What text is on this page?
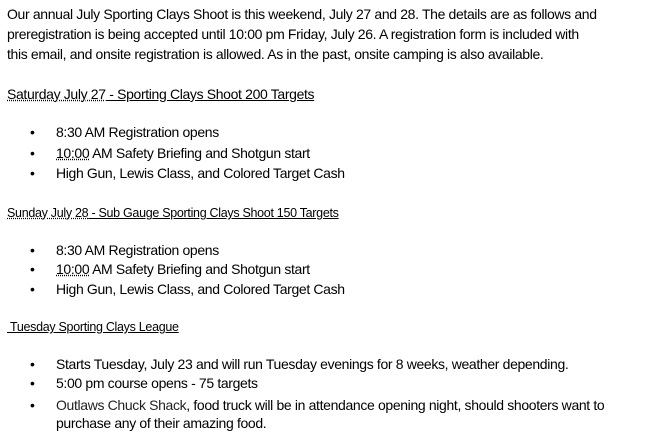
Our annual July Sporting Clays Shoot is this weekend, July 27 and 28. The details are as follows and
preregistration is being accepted until 10:00 pm Friday, July 26. A registration form is included with
this email, and onsite registration is allowed. As in the past, onsite camping is also available.
Saturday July 27 - Sporting Clays Shoot 200 Targets
• 8:30 AM Registration opens
• 10:00 AM Safety Briefing and Shotgun start
• High Gun, Lewis Class, and Colored Target Cash
Sunday July 28 - Sub Gauge Sporting Clays Shoot 150 Targets
• 8:30 AM Registration opens
• 10:00 AM Safety Briefing and Shotgun start
• High Gun, Lewis Class, and Colored Target Cash
Tuesday Sporting Clays League
• Starts Tuesday, July 23 and will run Tuesday evenings for 8 weeks, weather depending.
• 5:00 pm course opens - 75 targets
• Outlaws Chuck Shack, food truck will be in attendance opening night, should shooters want to
purchase any of their amazing food.
